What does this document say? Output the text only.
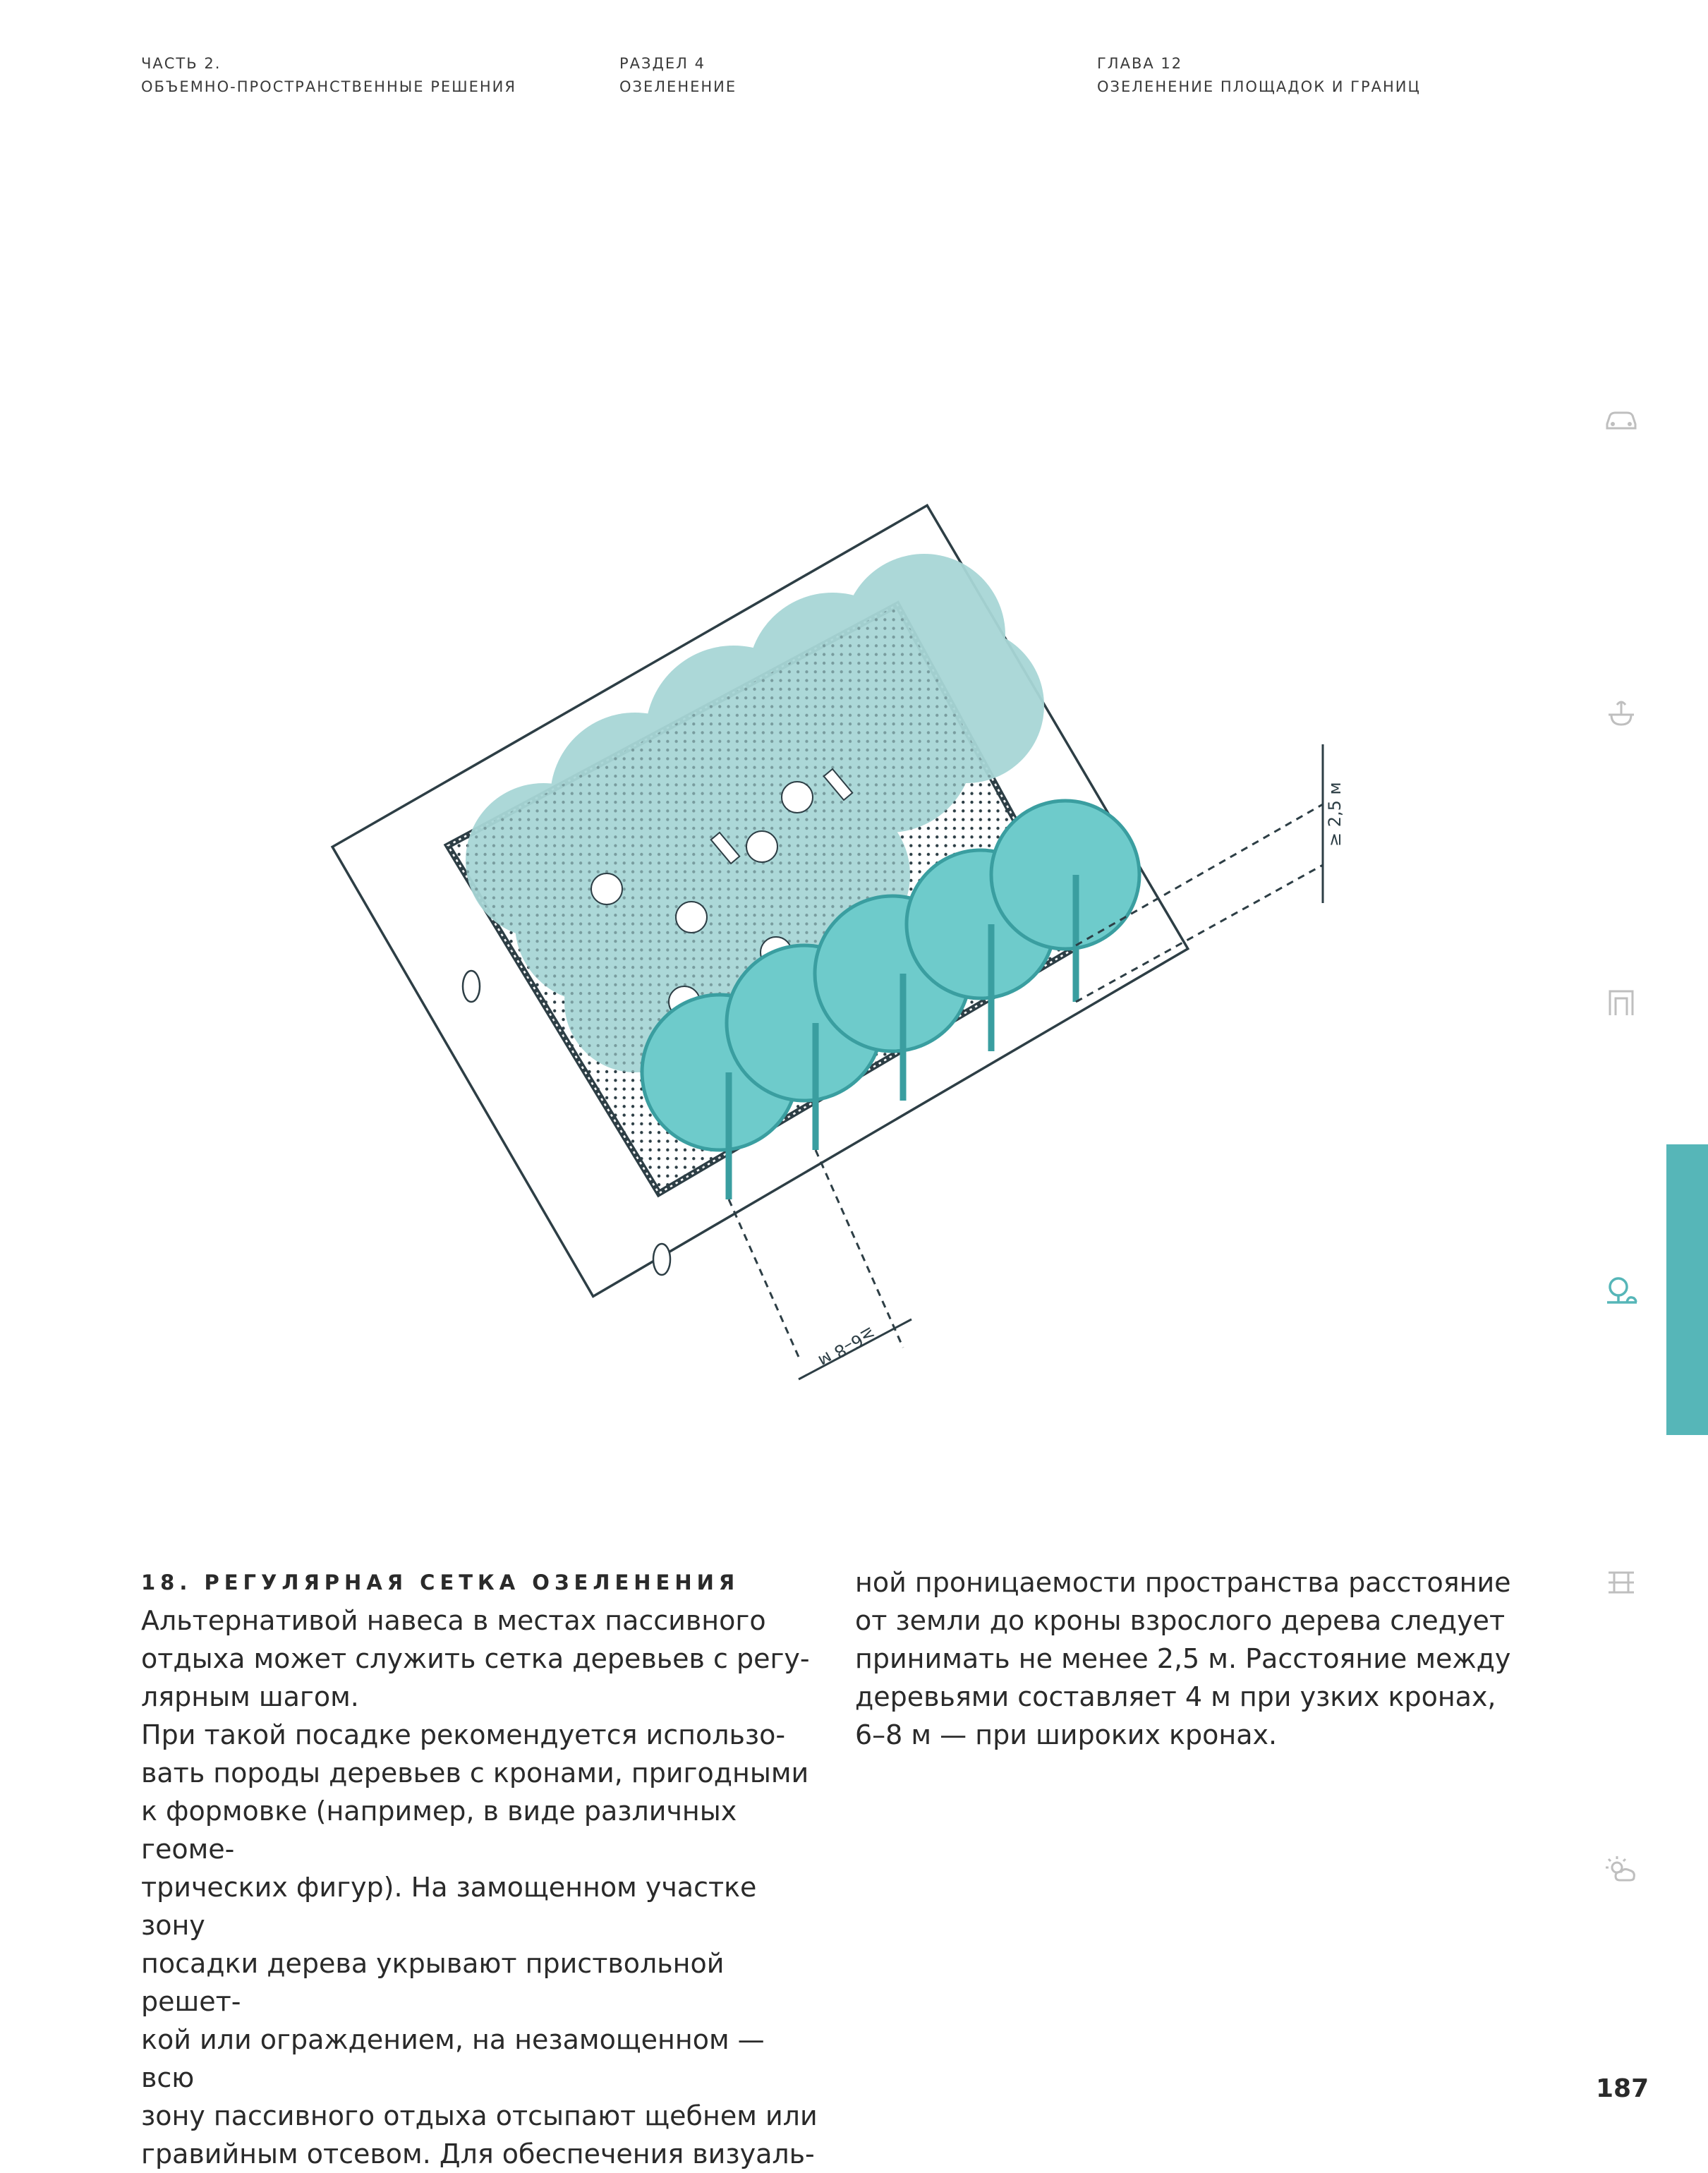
ЧАСТЬ 2.
ОБЪЕМНО-ПРОСТРАНСТВЕННЫЕ РЕШЕНИЯ
РАЗДЕЛ 4
ОЗЕЛЕНЕНИЕ
ГЛАВА 12
ОЗЕЛЕНЕНИЕ ПЛОЩАДОК И ГРАНИЦ
≥6–8 м
≥ 2,5 м
18. РЕГУЛЯРНАЯ СЕТКА ОЗЕЛЕНЕНИЯ

Альтернативой навеса в местах пассивного
отдыха может служить сетка деревьев с регу-
лярным шагом.

При такой посадке рекомендуется использо-
вать породы деревьев с кронами, пригодными
к формовке (например, в виде различных геоме-
трических фигур). На замощенном участке зону
посадки дерева укрывают приствольной решет-
кой или ограждением, на незамощенном — всю
зону пассивного отдыха отсыпают щебнем или
гравийным отсевом. Для обеспечения визуаль-

ной проницаемости пространства расстояние
от земли до кроны взрослого дерева следует
принимать не менее 2,5 м. Расстояние между
деревьями составляет 4 м при узких кронах,
6–8 м — при широких кронах.

187
